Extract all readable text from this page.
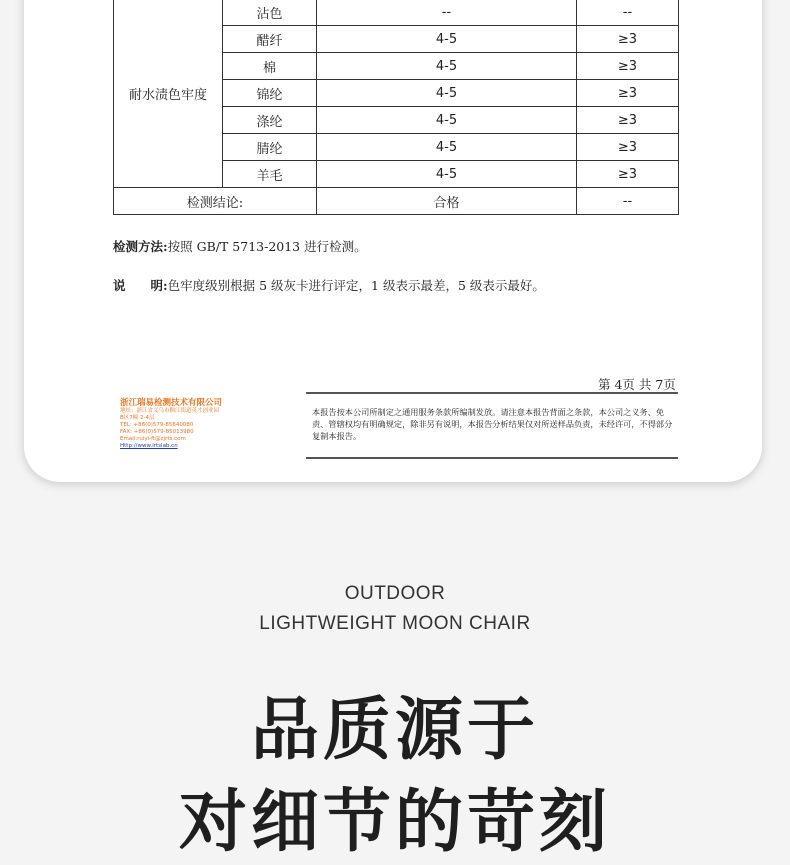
耐水渍色牢度	沾色	--	--
	醋纤	4-5	≥3
	棉	4-5	≥3
	锦纶	4-5	≥3
	涤纶	4-5	≥3
	腈纶	4-5	≥3
	羊毛	4-5	≥3
检测结论:		合格	--
检测方法:按照 GB/T 5713-2013 进行检测。
说　　明:色牢度级别根据 5 级灰卡进行评定，1 级表示最差，5 级表示最好。
浙江瑞易检测技术有限公司
地址：浙江省义乌市稠江街道英才创业园
B区7幢 2-4层
TEL: +86(0)579-85640080
FAX: +86(0)579-85013980
Email:ruiyi-ft@zjrts.com
Http://www.irtslab.cn
第 4页 共 7页
本报告按本公司所制定之通用服务条款所编制发放。请注意本报告背面之条款，本公司之义务、免责、管辖权均有明确规定，除非另有说明，本报告分析结果仅对所送样品负责，未经许可，不得部分复制本报告。
OUTDOOR
LIGHTWEIGHT MOON CHAIR
品质源于
对细节的苛刻
